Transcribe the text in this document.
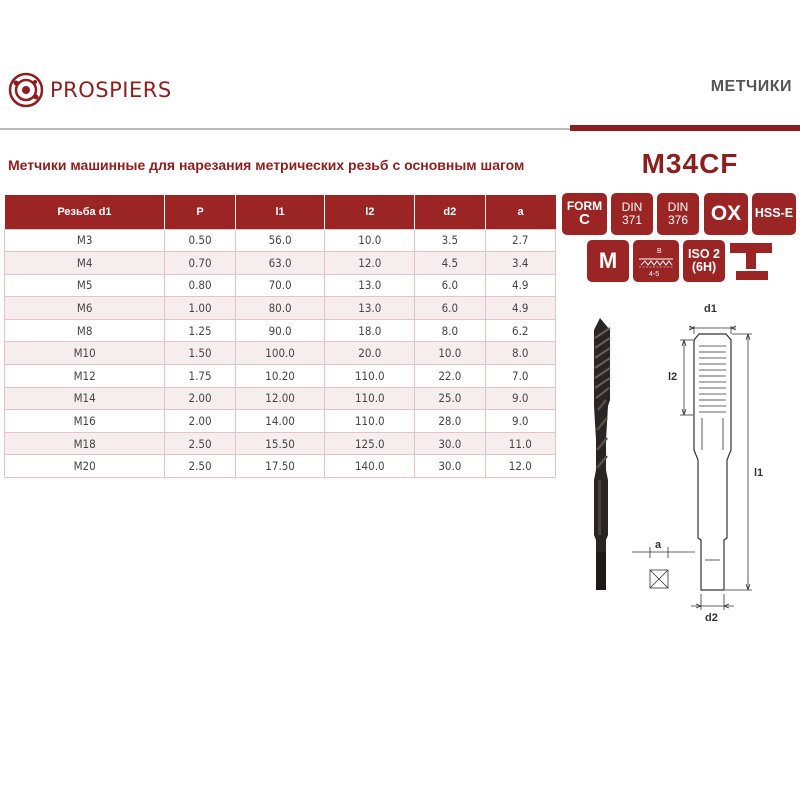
PROSPIERS	МЕТЧИКИ
Метчики машинные для нарезания метрических резьб с основным шагом	M34CF
Резьба d1	P	l1	l2	d2	a
M3	0.50	56.0	10.0	3.5	2.7
M4	0.70	63.0	12.0	4.5	3.4
M5	0.80	70.0	13.0	6.0	4.9
M6	1.00	80.0	13.0	6.0	4.9
M8	1.25	90.0	18.0	8.0	6.2
M10	1.50	100.0	20.0	10.0	8.0
M12	1.75	10.20	110.0	22.0	7.0
M14	2.00	12.00	110.0	25.0	9.0
M16	2.00	14.00	110.0	28.0	9.0
M18	2.50	15.50	125.0	30.0	11.0
M20	2.50	17.50	140.0	30.0	12.0
FORM
C
DIN
371
DIN
376	OX	HSS-E
M	B
4-5
ISO 2
(6H)
d1
l2
l1
a
d2
